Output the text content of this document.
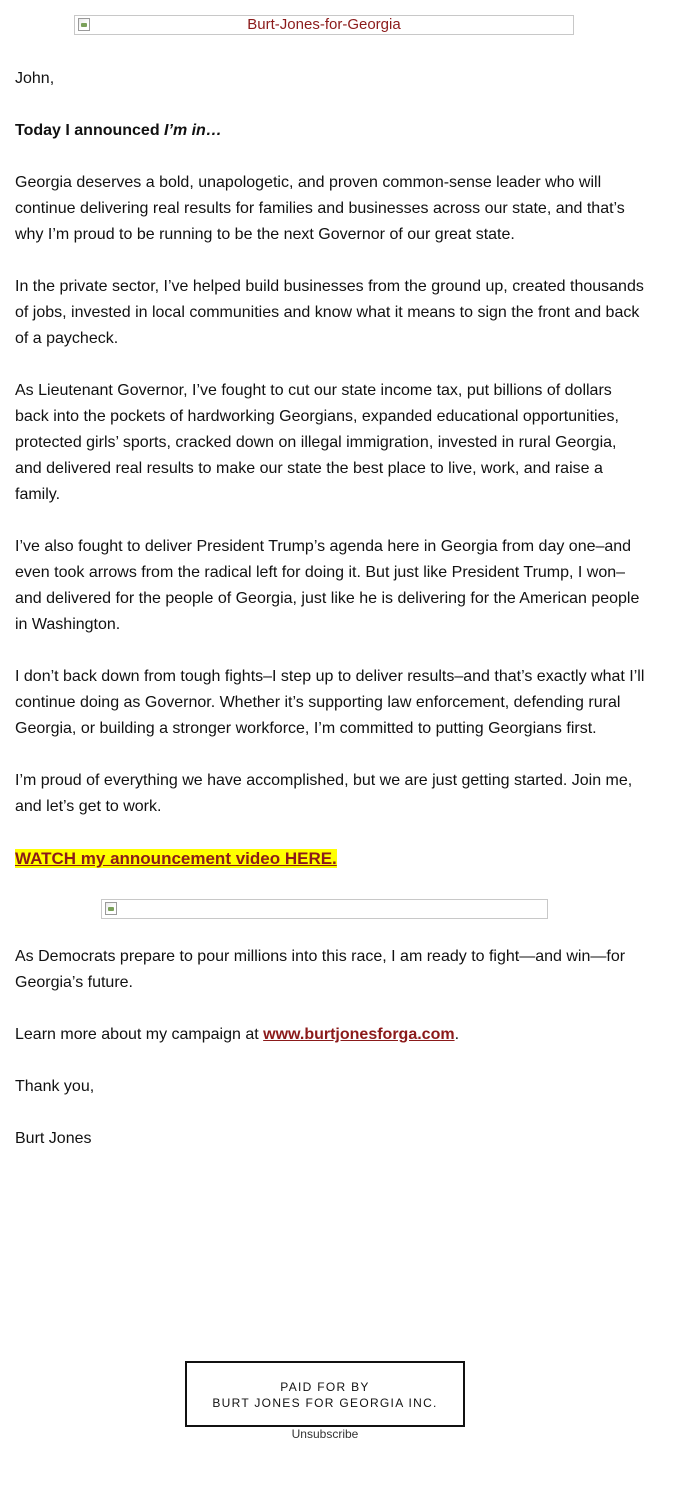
Burt-Jones-for-Georgia

John,

Today I announced I’m in…

Georgia deserves a bold, unapologetic, and proven common-sense leader who will continue delivering real results for families and businesses across our state, and that’s why I’m proud to be running to be the next Governor of our great state.

In the private sector, I’ve helped build businesses from the ground up, created thousands of jobs, invested in local communities and know what it means to sign the front and back of a paycheck.

As Lieutenant Governor, I’ve fought to cut our state income tax, put billions of dollars back into the pockets of hardworking Georgians, expanded educational opportunities, protected girls’ sports, cracked down on illegal immigration, invested in rural Georgia, and delivered real results to make our state the best place to live, work, and raise a family.

I’ve also fought to deliver President Trump’s agenda here in Georgia from day one–and even took arrows from the radical left for doing it. But just like President Trump, I won–and delivered for the people of Georgia, just like he is delivering for the American people in Washington.

I don’t back down from tough fights–I step up to deliver results–and that’s exactly what I’ll continue doing as Governor. Whether it’s supporting law enforcement, defending rural Georgia, or building a stronger workforce, I’m committed to putting Georgians first.

I’m proud of everything we have accomplished, but we are just getting started. Join me, and let’s get to work.

WATCH my announcement video HERE.

As Democrats prepare to pour millions into this race, I am ready to fight—and win—for Georgia’s future.

Learn more about my campaign at www.burtjonesforga.com.

Thank you,

Burt Jones

PAID FOR BY
BURT JONES FOR GEORGIA INC.
Unsubscribe
